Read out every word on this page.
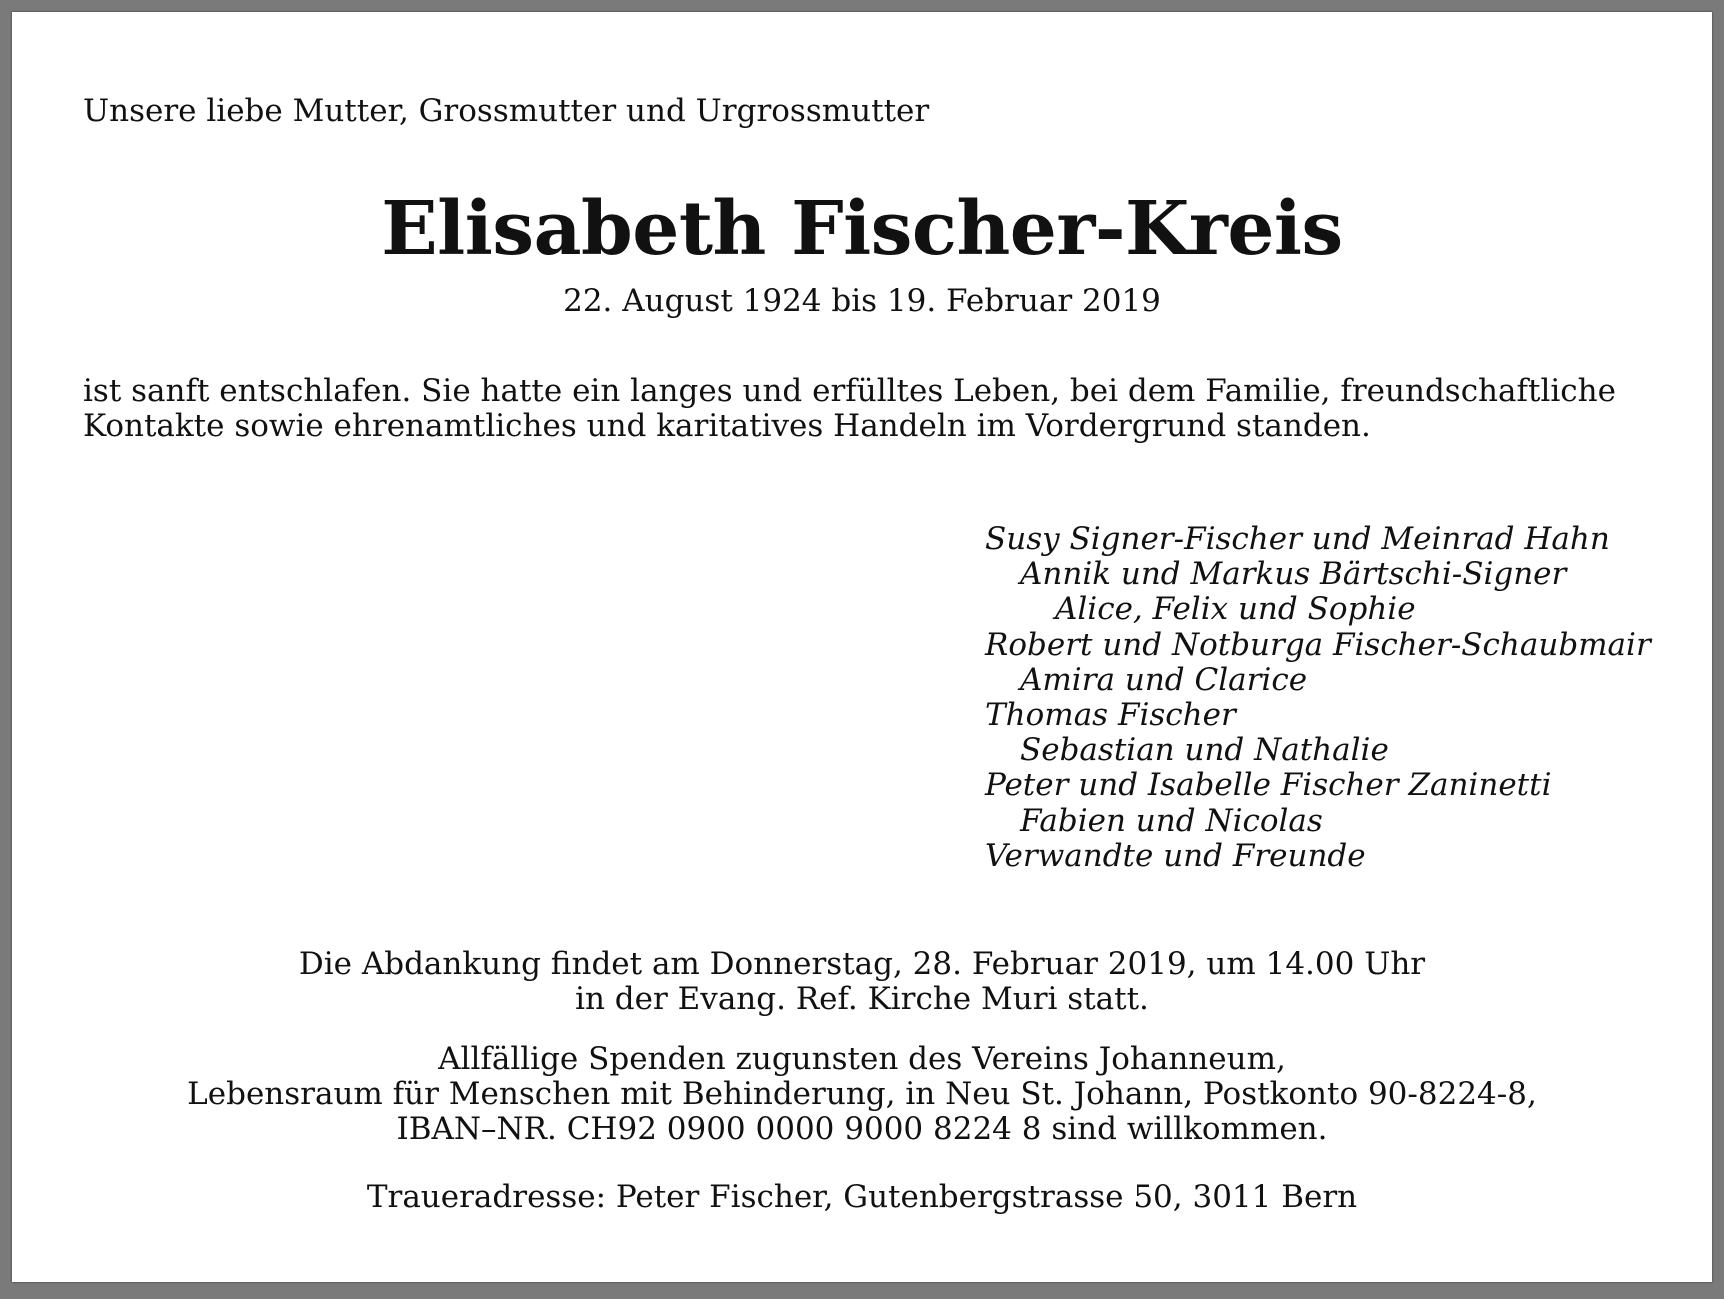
Unsere liebe Mutter, Grossmutter und Urgrossmutter

Elisabeth Fischer-Kreis

22. August 1924 bis 19. Februar 2019

ist sanft entschlafen. Sie hatte ein langes und erfülltes Leben, bei dem Familie, freundschaftliche
Kontakte sowie ehrenamtliches und karitatives Handeln im Vordergrund standen.

Susy Signer-Fischer und Meinrad Hahn
Annik und Markus Bärtschi-Signer
Alice, Felix und Sophie
Robert und Notburga Fischer-Schaubmair
Amira und Clarice
Thomas Fischer
Sebastian und Nathalie
Peter und Isabelle Fischer Zaninetti
Fabien und Nicolas
Verwandte und Freunde

Die Abdankung findet am Donnerstag, 28. Februar 2019, um 14.00 Uhr
in der Evang. Ref. Kirche Muri statt.

Allfällige Spenden zugunsten des Vereins Johanneum,
Lebensraum für Menschen mit Behinderung, in Neu St. Johann, Postkonto 90-8224-8,
IBAN–NR. CH92 0900 0000 9000 8224 8 sind willkommen.

Traueradresse: Peter Fischer, Gutenbergstrasse 50, 3011 Bern
